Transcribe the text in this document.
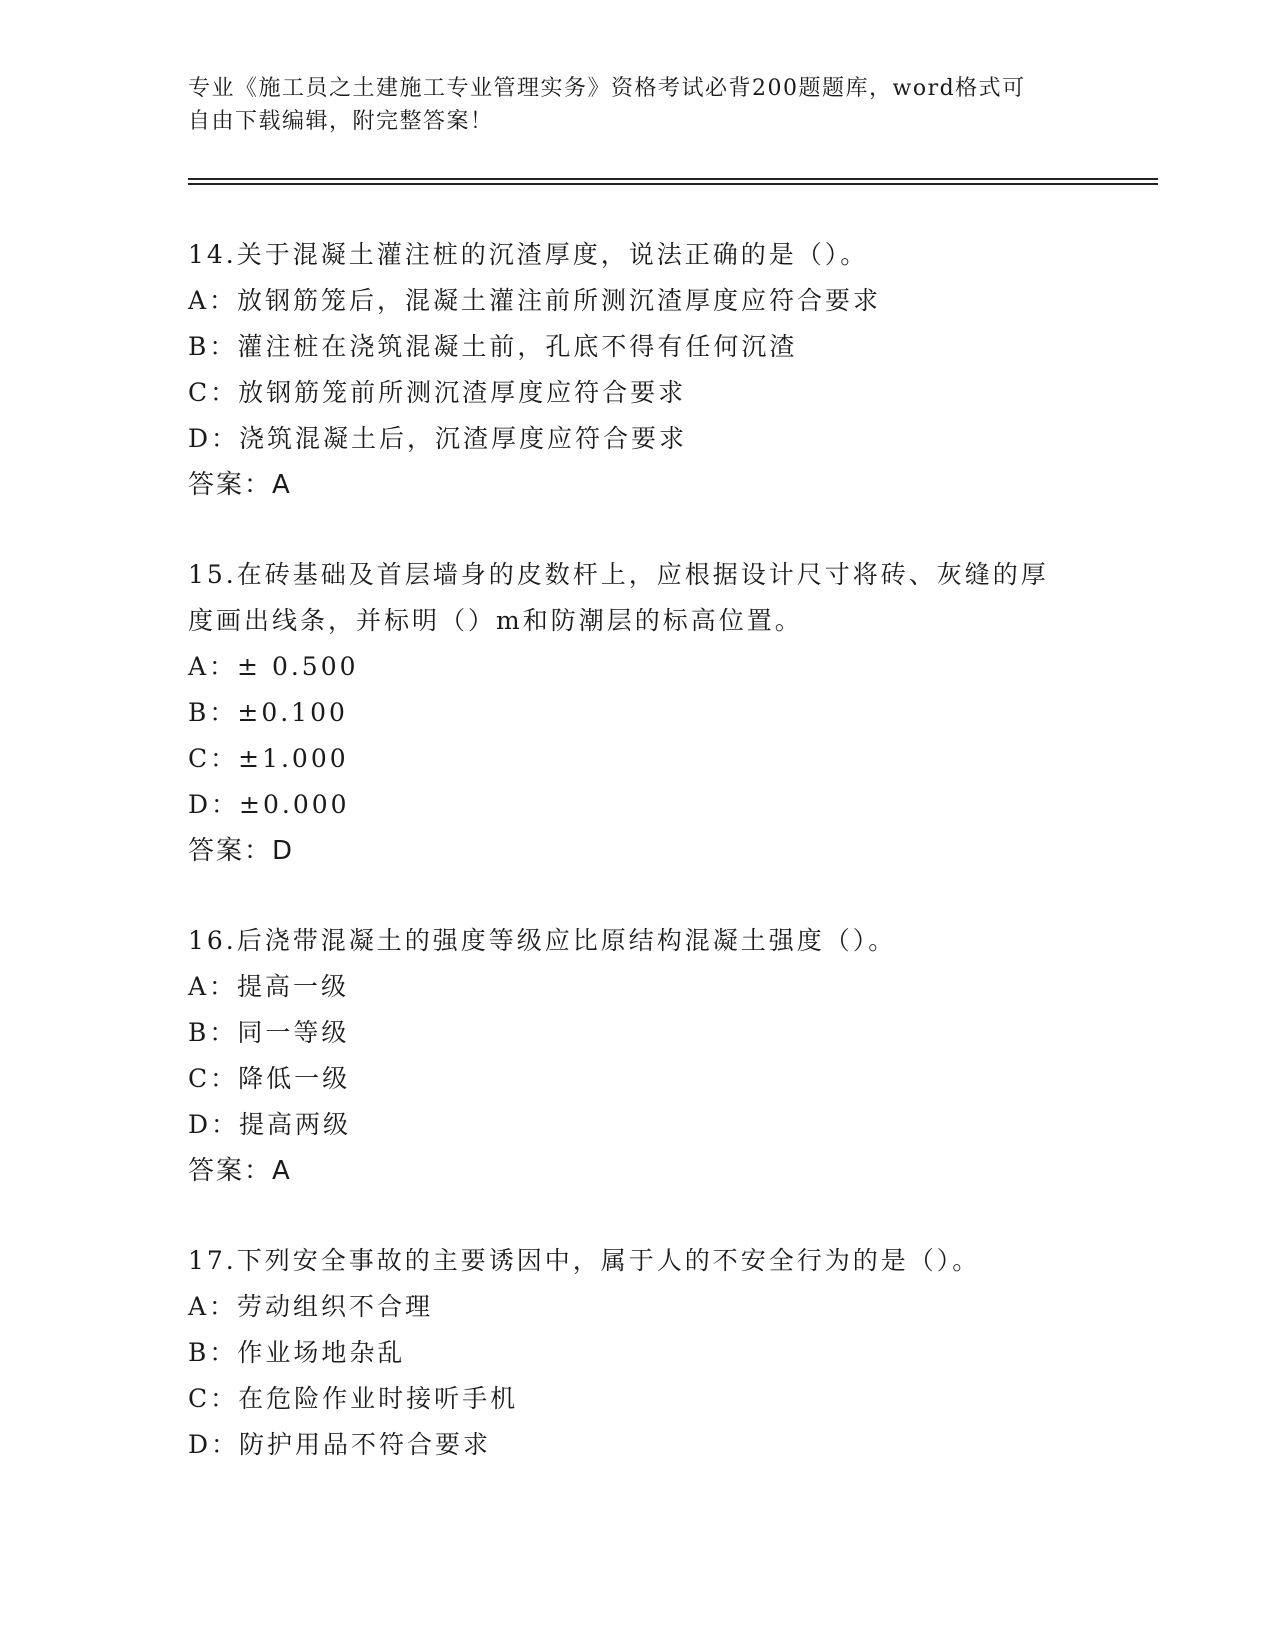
专业《施工员之土建施工专业管理实务》资格考试必背200题题库，word格式可
自由下载编辑，附完整答案！
14.关于混凝土灌注桩的沉渣厚度，说法正确的是（）。
A：放钢筋笼后，混凝土灌注前所测沉渣厚度应符合要求
B：灌注桩在浇筑混凝土前，孔底不得有任何沉渣
C：放钢筋笼前所测沉渣厚度应符合要求
D：浇筑混凝土后，沉渣厚度应符合要求
答案：A
15.在砖基础及首层墙身的皮数杆上，应根据设计尺寸将砖、灰缝的厚
度画出线条，并标明（）m和防潮层的标高位置。
A：± 0.500
B：±0.100
C：±1.000
D：±0.000
答案：D
16.后浇带混凝土的强度等级应比原结构混凝土强度（）。
A：提高一级
B：同一等级
C：降低一级
D：提高两级
答案：A
17.下列安全事故的主要诱因中，属于人的不安全行为的是（）。
A：劳动组织不合理
B：作业场地杂乱
C：在危险作业时接听手机
D：防护用品不符合要求
